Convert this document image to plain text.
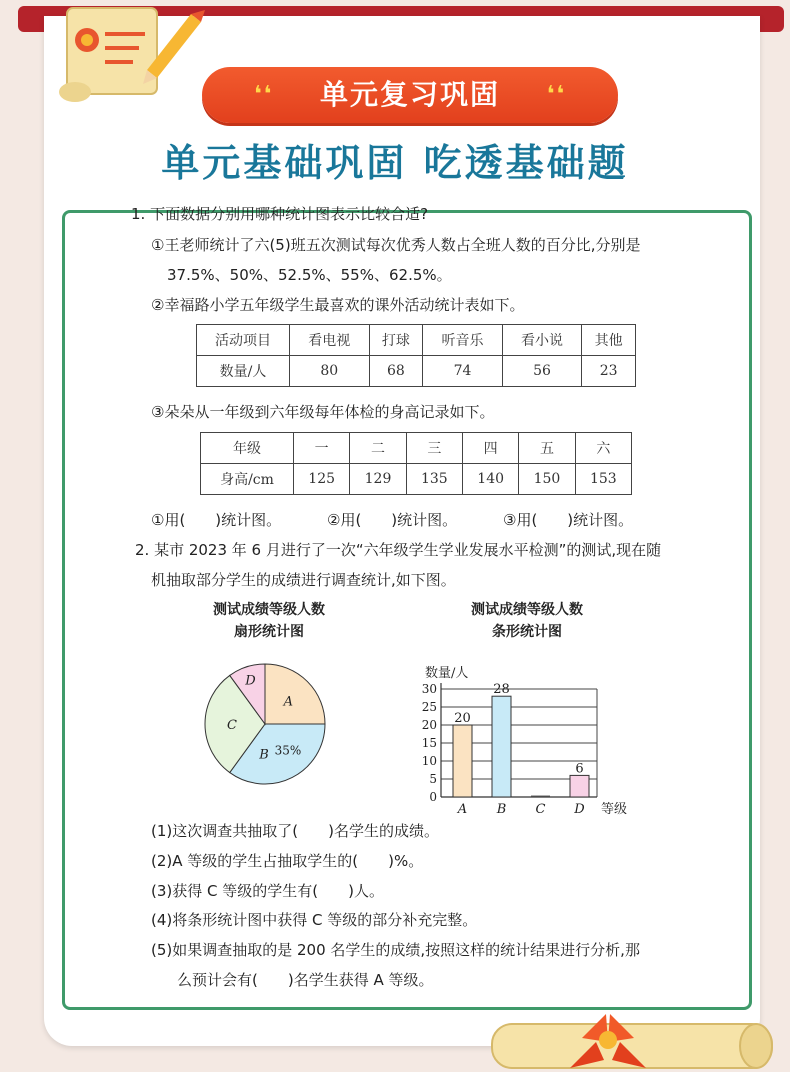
❛❛ 单元复习巩固 ❛❛
单元基础巩固 吃透基础题
1. 下面数据分别用哪种统计图表示比较合适?
①王老师统计了六(5)班五次测试每次优秀人数占全班人数的百分比,分别是
37.5%、50%、52.5%、55%、62.5%。
②幸福路小学五年级学生最喜欢的课外活动统计表如下。
活动项目	看电视	打球	听音乐	看小说	其他
数量/人	80	68	74	56	23
③朵朵从一年级到六年级每年体检的身高记录如下。
年级	一	二	三	四	五	六
身高/cm	125	129	135	140	150	153
①用(　　)统计图。	②用(　　)统计图。	③用(　　)统计图。
2. 某市 2023 年 6 月进行了一次“六年级学生学业发展水平检测”的测试,现在随
机抽取部分学生的成绩进行调查统计,如下图。
测试成绩等级人数
扇形统计图
A
B 35%
C
D
测试成绩等级人数
条形统计图
数量/人
0
5
10
15
20
25
30
20
A
28
B C
6
D 等级
(1)这次调查共抽取了(　　)名学生的成绩。
(2)A 等级的学生占抽取学生的(　　)%。
(3)获得 C 等级的学生有(　　)人。
(4)将条形统计图中获得 C 等级的部分补充完整。
(5)如果调查抽取的是 200 名学生的成绩,按照这样的统计结果进行分析,那
么预计会有(　　)名学生获得 A 等级。
